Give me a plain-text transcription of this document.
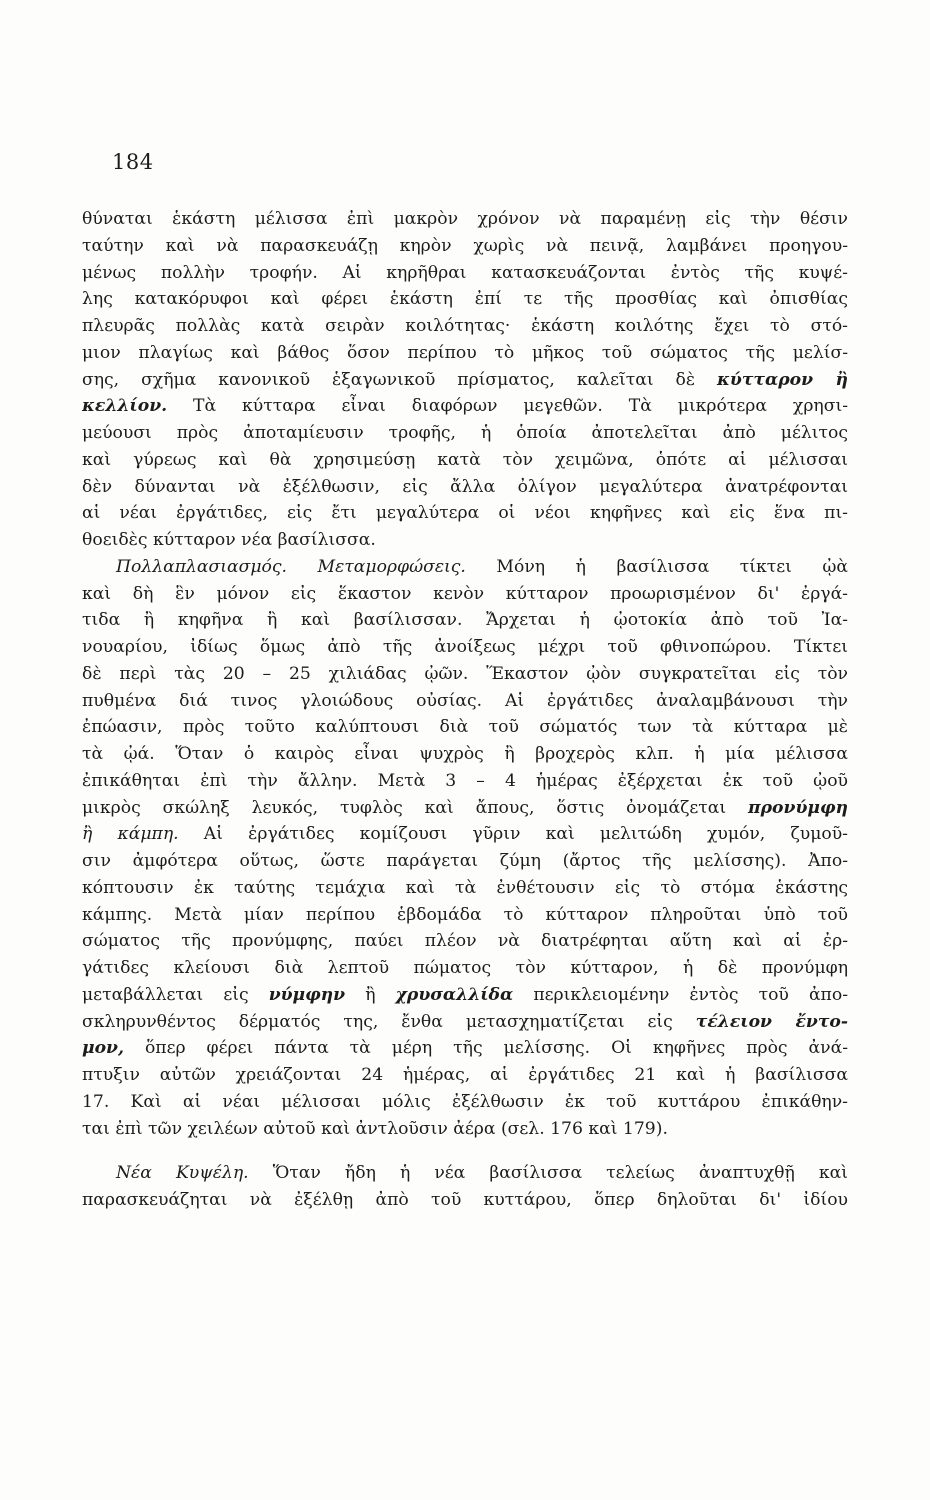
184
θύναται ἑκάστη μέλισσα ἐπὶ μακρὸν χρόνον νὰ παραμένῃ εἰς τὴν θέσιν
ταύτην καὶ νὰ παρασκευάζῃ κηρὸν χωρὶς νὰ πεινᾷ, λαμβάνει προηγου-
μένως πολλὴν τροφήν. Αἱ κηρῆθραι κατασκευάζονται ἐντὸς τῆς κυψέ-
λης κατακόρυφοι καὶ φέρει ἑκάστη ἐπί τε τῆς προσθίας καὶ ὀπισθίας
πλευρᾶς πολλὰς κατὰ σειρὰν κοιλότητας· ἑκάστη κοιλότης ἔχει τὸ στό-
μιον πλαγίως καὶ βάθος ὅσον περίπου τὸ μῆκος τοῦ σώματος τῆς μελίσ-
σης, σχῆμα κανονικοῦ ἑξαγωνικοῦ πρίσματος, καλεῖται δὲ κύτταρον ἢ
κελλίον. Τὰ κύτταρα εἶναι διαφόρων μεγεθῶν. Τὰ μικρότερα χρησι-
μεύουσι πρὸς ἀποταμίευσιν τροφῆς, ἡ ὁποία ἀποτελεῖται ἀπὸ μέλιτος
καὶ γύρεως καὶ θὰ χρησιμεύσῃ κατὰ τὸν χειμῶνα, ὁπότε αἱ μέλισσαι
δὲν δύνανται νὰ ἐξέλθωσιν, εἰς ἄλλα ὀλίγον μεγαλύτερα ἀνατρέφονται
αἱ νέαι ἐργάτιδες, εἰς ἔτι μεγαλύτερα οἱ νέοι κηφῆνες καὶ εἰς ἕνα πι-
θοειδὲς κύτταρον νέα βασίλισσα.
Πολλαπλασιασμός. Μεταμορφώσεις. Μόνη ἡ βασίλισσα τίκτει ᾠὰ
καὶ δὴ ἓν μόνον εἰς ἕκαστον κενὸν κύτταρον προωρισμένον δι' ἐργά-
τιδα ἢ κηφῆνα ἢ καὶ βασίλισσαν. Ἄρχεται ἡ ᾠοτοκία ἀπὸ τοῦ Ἰα-
νουαρίου, ἰδίως ὅμως ἀπὸ τῆς ἀνοίξεως μέχρι τοῦ φθινοπώρου. Τίκτει
δὲ περὶ τὰς 20 – 25 χιλιάδας ᾠῶν. Ἕκαστον ᾠὸν συγκρατεῖται εἰς τὸν
πυθμένα διά τινος γλοιώδους οὐσίας. Αἱ ἐργάτιδες ἀναλαμβάνουσι τὴν
ἐπώασιν, πρὸς τοῦτο καλύπτουσι διὰ τοῦ σώματός των τὰ κύτταρα μὲ
τὰ ᾠά. Ὅταν ὁ καιρὸς εἶναι ψυχρὸς ἢ βροχερὸς κλπ. ἡ μία μέλισσα
ἐπικάθηται ἐπὶ τὴν ἄλλην. Μετὰ 3 – 4 ἡμέρας ἐξέρχεται ἐκ τοῦ ᾠοῦ
μικρὸς σκώληξ λευκός, τυφλὸς καὶ ἄπους, ὅστις ὀνομάζεται προνύμφη
ἢ κάμπη. Αἱ ἐργάτιδες κομίζουσι γῦριν καὶ μελιτώδη χυμόν, ζυμοῦ-
σιν ἀμφότερα οὕτως, ὥστε παράγεται ζύμη (ἄρτος τῆς μελίσσης). Ἀπο-
κόπτουσιν ἐκ ταύτης τεμάχια καὶ τὰ ἐνθέτουσιν εἰς τὸ στόμα ἑκάστης
κάμπης. Μετὰ μίαν περίπου ἑβδομάδα τὸ κύτταρον πληροῦται ὑπὸ τοῦ
σώματος τῆς προνύμφης, παύει πλέον νὰ διατρέφηται αὕτη καὶ αἱ ἐρ-
γάτιδες κλείουσι διὰ λεπτοῦ πώματος τὸν κύτταρον, ἡ δὲ προνύμφη
μεταβάλλεται εἰς νύμφην ἢ χρυσαλλίδα περικλειομένην ἐντὸς τοῦ ἀπο-
σκληρυνθέντος δέρματός της, ἔνθα μετασχηματίζεται εἰς τέλειον ἔντο-
μον, ὅπερ φέρει πάντα τὰ μέρη τῆς μελίσσης. Οἱ κηφῆνες πρὸς ἀνά-
πτυξιν αὐτῶν χρειάζονται 24 ἡμέρας, αἱ ἐργάτιδες 21 καὶ ἡ βασίλισσα
17. Καὶ αἱ νέαι μέλισσαι μόλις ἐξέλθωσιν ἐκ τοῦ κυττάρου ἐπικάθην-
ται ἐπὶ τῶν χειλέων αὐτοῦ καὶ ἀντλοῦσιν ἀέρα (σελ. 176 καὶ 179).
Νέα Κυψέλη. Ὅταν ἤδη ἡ νέα βασίλισσα τελείως ἀναπτυχθῇ καὶ
παρασκευάζηται νὰ ἐξέλθῃ ἀπὸ τοῦ κυττάρου, ὅπερ δηλοῦται δι' ἰδίου
